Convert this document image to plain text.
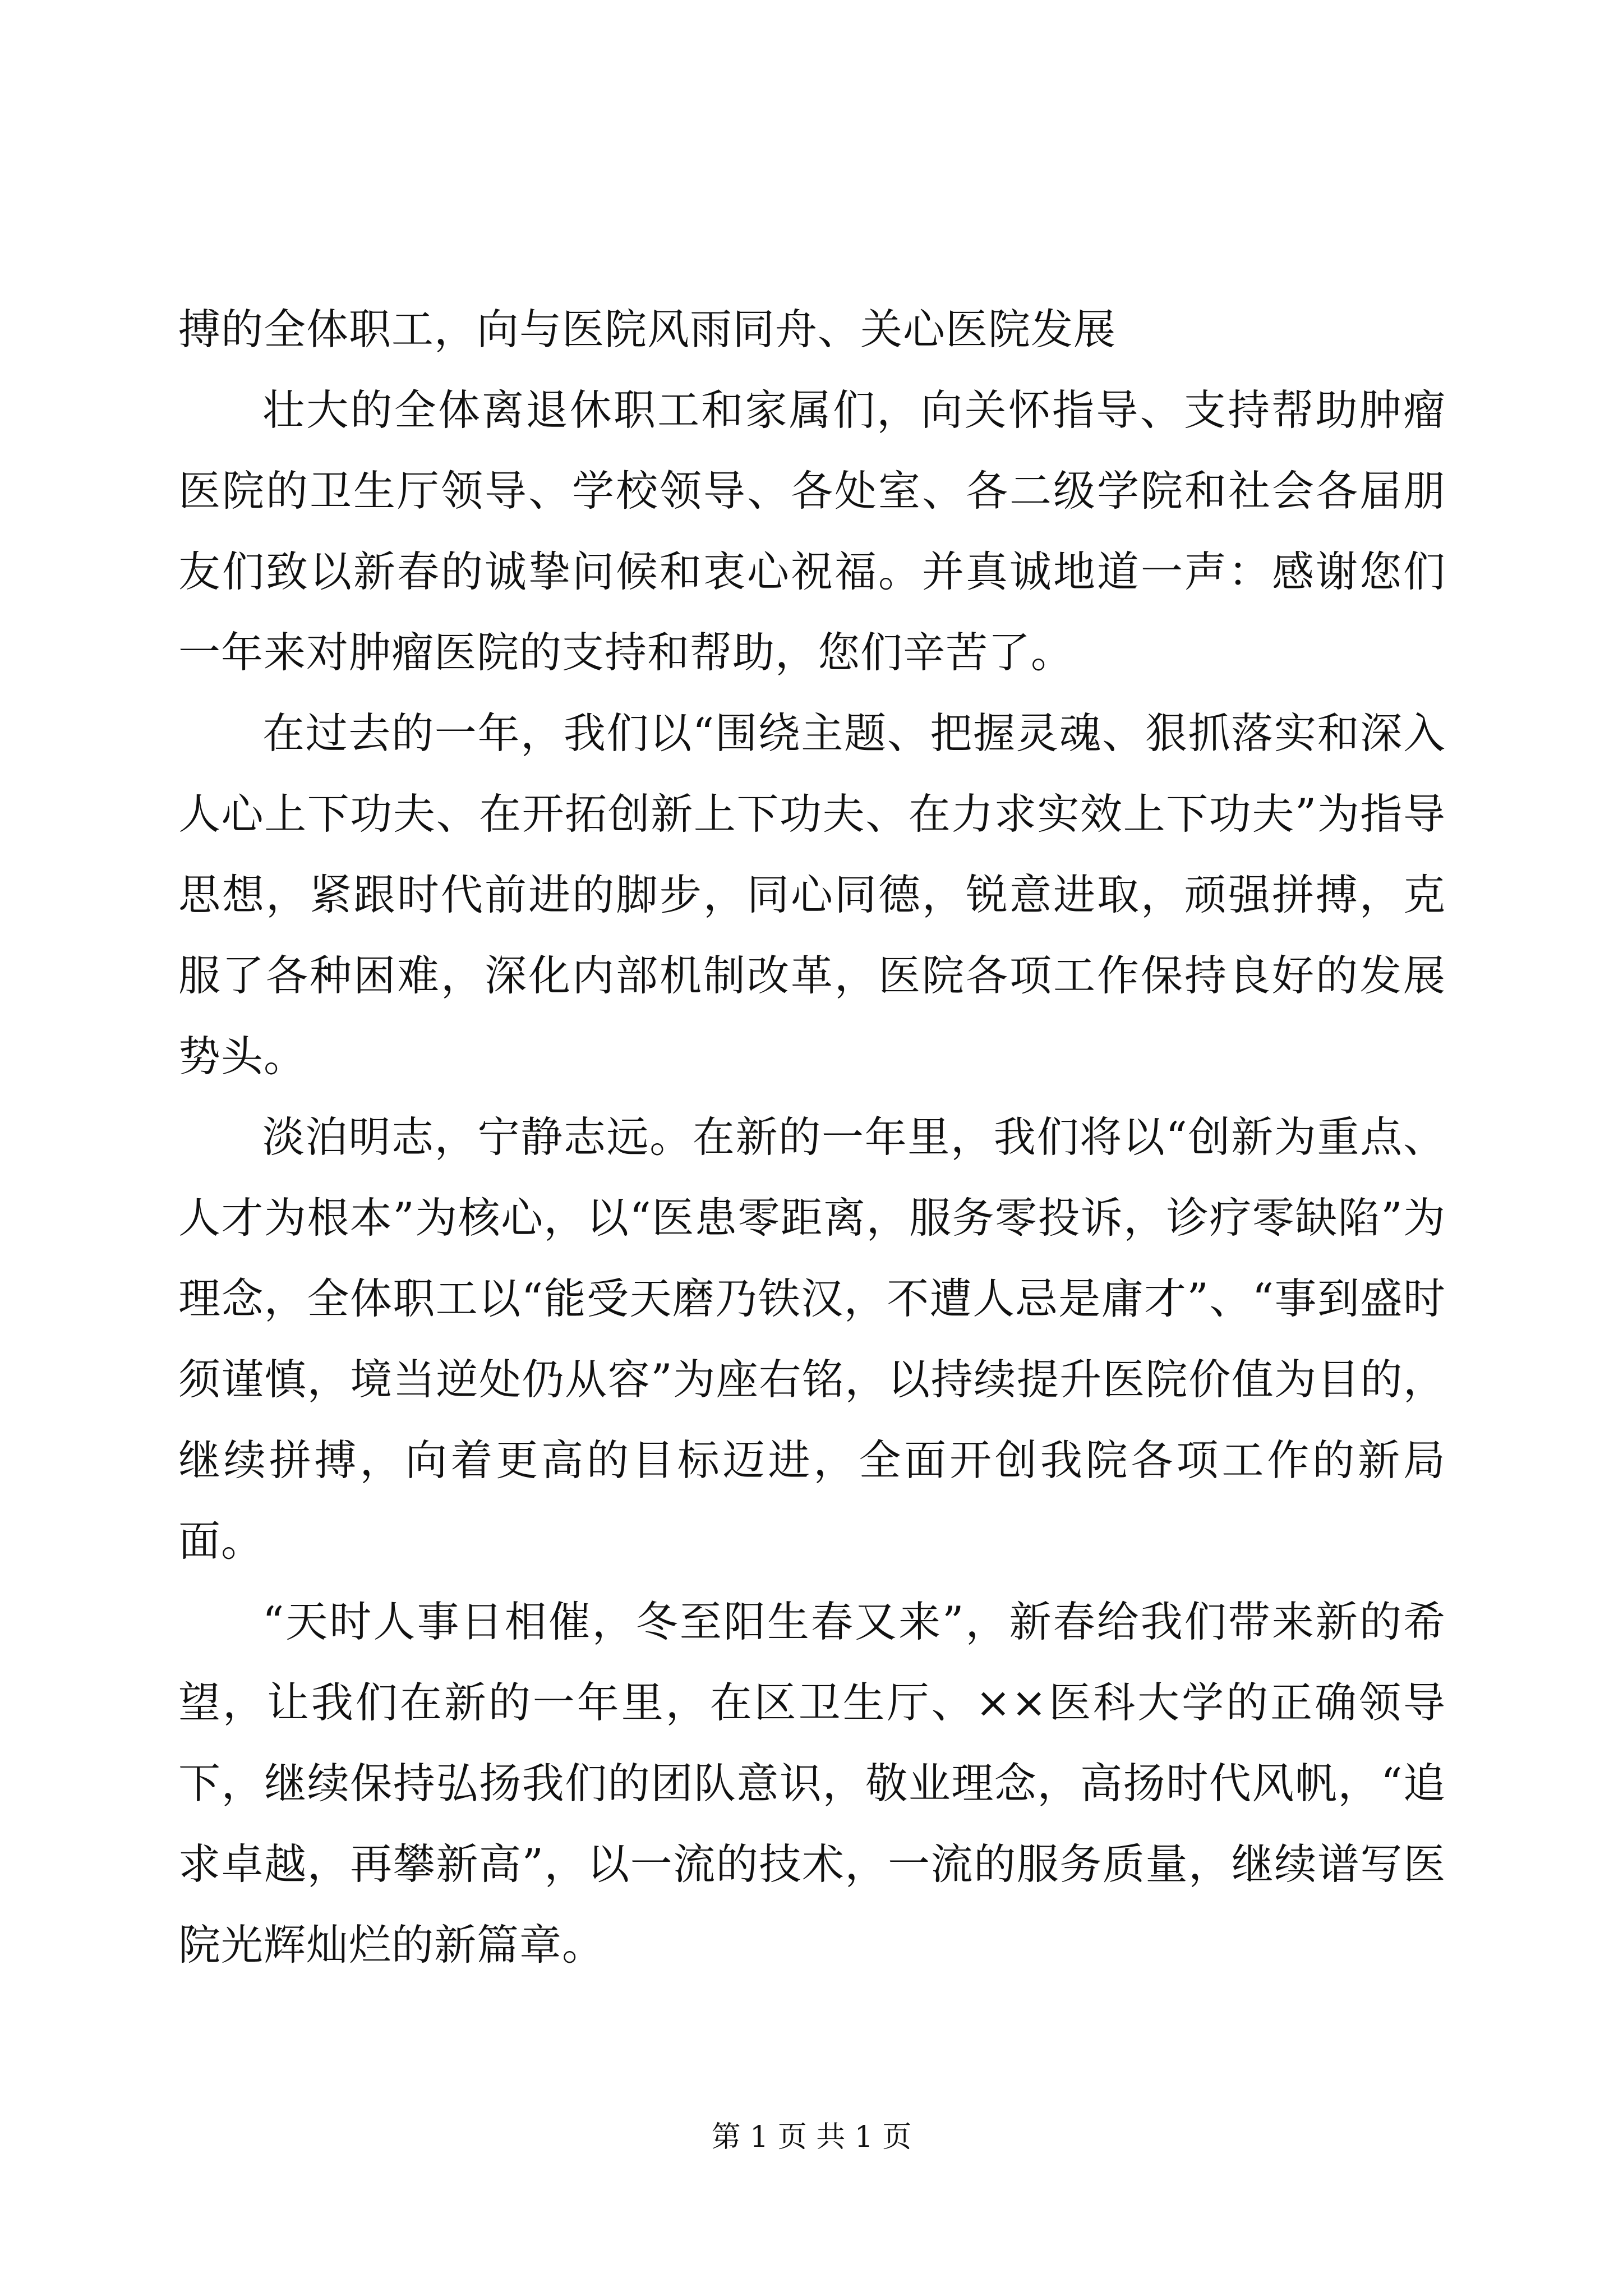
搏的全体职工，向与医院风雨同舟、关心医院发展

壮大的全体离退休职工和家属们，向关怀指导、支持帮助肿瘤医院的卫生厅领导、学校领导、各处室、各二级学院和社会各届朋友们致以新春的诚挚问候和衷心祝福。并真诚地道一声：感谢您们一年来对肿瘤医院的支持和帮助，您们辛苦了。

在过去的一年，我们以“围绕主题、把握灵魂、狠抓落实和深入人心上下功夫、在开拓创新上下功夫、在力求实效上下功夫”为指导思想，紧跟时代前进的脚步，同心同德，锐意进取，顽强拼搏，克服了各种困难，深化内部机制改革，医院各项工作保持良好的发展势头。

淡泊明志，宁静志远。在新的一年里，我们将以“创新为重点、人才为根本”为核心，以“医患零距离，服务零投诉，诊疗零缺陷”为理念，全体职工以“能受天磨乃铁汉，不遭人忌是庸才”、“事到盛时须谨慎，境当逆处仍从容”为座右铭，以持续提升医院价值为目的，继续拼搏，向着更高的目标迈进，全面开创我院各项工作的新局面。

“天时人事日相催，冬至阳生春又来”，新春给我们带来新的希望，让我们在新的一年里，在区卫生厅、××医科大学的正确领导下，继续保持弘扬我们的团队意识，敬业理念，高扬时代风帆，“追求卓越，再攀新高”，以一流的技术，一流的服务质量，继续谱写医院光辉灿烂的新篇章。

第 1 页 共 1 页
